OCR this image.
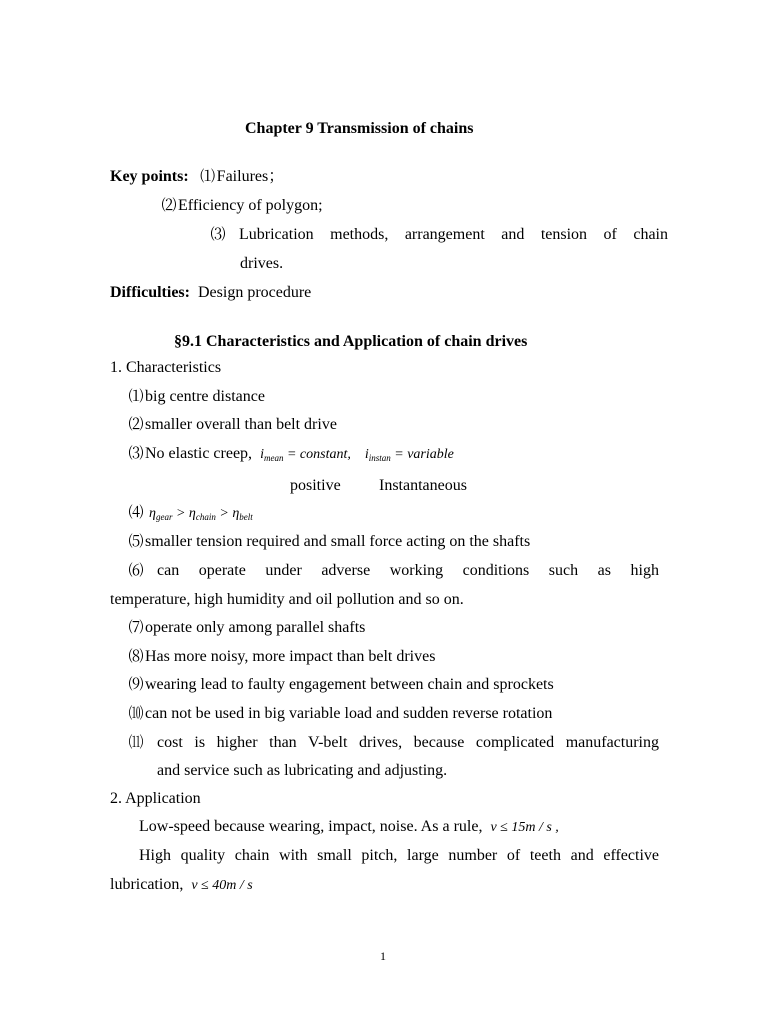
Chapter 9 Transmission of chains
Key points: ⑴Failures；
⑵Efficiency of polygon;
⑶ Lubrication methods, arrangement and tension of chain
drives.
Difficulties: Design procedure
§9.1 Characteristics and Application of chain drives
1. Characteristics
⑴big centre distance
⑵smaller overall than belt drive
⑶No elastic creep, $i_{mean}$ = constant, $i_{instan}$ = variable
positive Instantaneous
⑷ $\eta_{gear} > \eta_{chain} > \eta_{belt}$
⑸smaller tension required and small force acting on the shafts
⑹ can operate under adverse working conditions such as high
temperature, high humidity and oil pollution and so on.
⑺operate only among parallel shafts
⑻Has more noisy, more impact than belt drives
⑼wearing lead to faulty engagement between chain and sprockets
⑽can not be used in big variable load and sudden reverse rotation
⑾ cost is higher than V-belt drives, because complicated manufacturing
and service such as lubricating and adjusting.
2. Application
Low-speed because wearing, impact, noise. As a rule, v ≤ 15m / s ,
High quality chain with small pitch, large number of teeth and effective
lubrication, v ≤ 40m / s
1
